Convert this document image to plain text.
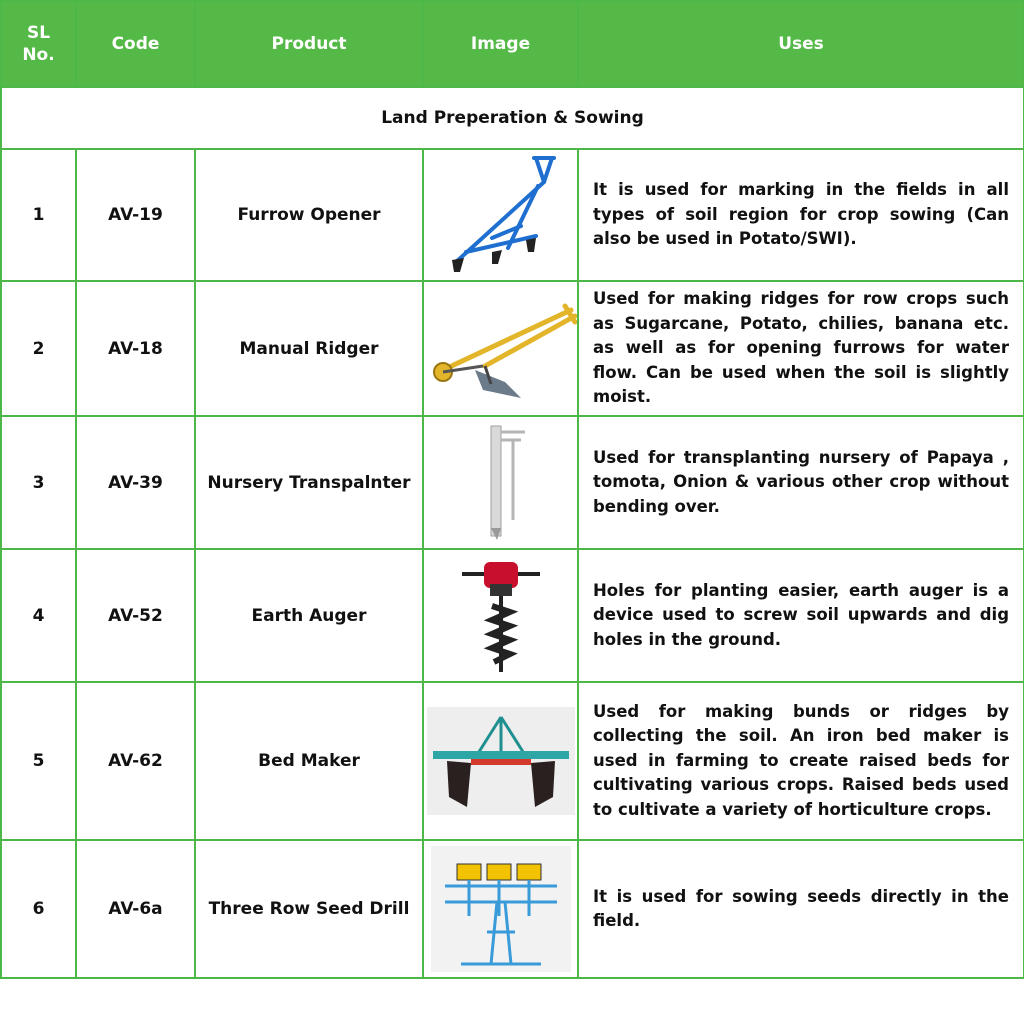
SL No.	Code	Product	Image	Uses
Land Preperation & Sowing				
1	AV-19	Furrow Opener		It is used for marking in the fields in all types of soil region for crop sowing (Can also be used in Potato/SWI).
2	AV-18	Manual Ridger		Used for making ridges for row crops such as Sugarcane, Potato, chilies, banana etc. as well as for opening furrows for water flow. Can be used when the soil is slightly moist.
3	AV-39	Nursery Transpalnter		Used for transplanting nursery of Papaya , tomota, Onion & various other crop without bending over.
4	AV-52	Earth Auger		Holes for planting easier, earth auger is a device used to screw soil upwards and dig holes in the ground.
5	AV-62	Bed Maker		Used for making bunds or ridges by collecting the soil. An iron bed maker is used in farming to create raised beds for cultivating various crops. Raised beds used to cultivate a variety of horticulture crops.
6	AV-6a	Three Row Seed Drill		It is used for sowing seeds directly in the field.
